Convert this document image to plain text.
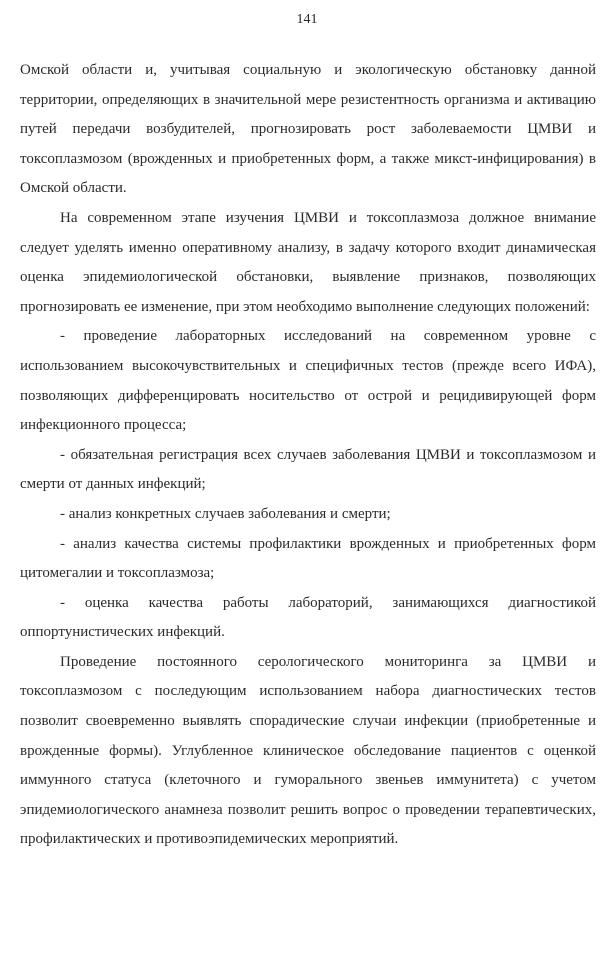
141

Омской области и, учитывая социальную и экологическую обстановку данной территории, определяющих в значительной мере резистентность организма и активацию путей передачи возбудителей, прогнозировать рост заболеваемости ЦМВИ и токсоплазмозом (врожденных и приобретенных форм, а также микст-инфицирования) в Омской области.

На современном этапе изучения ЦМВИ и токсоплазмоза должное внимание следует уделять именно оперативному анализу, в задачу которого входит динамическая оценка эпидемиологической обстановки, выявление признаков, позволяющих прогнозировать ее изменение, при этом необходимо выполнение следующих положений:

- проведение лабораторных исследований на современном уровне с использованием высокочувствительных и специфичных тестов (прежде всего ИФА), позволяющих дифференцировать носительство от острой и рецидивирующей форм инфекционного процесса;

- обязательная регистрация всех случаев заболевания ЦМВИ и токсоплазмозом и смерти от данных инфекций;

- анализ конкретных случаев заболевания и смерти;

- анализ качества системы профилактики врожденных и приобретенных форм цитомегалии и токсоплазмоза;

- оценка качества работы лабораторий, занимающихся диагностикой оппортунистических инфекций.

Проведение постоянного серологического мониторинга за ЦМВИ и токсоплазмозом с последующим использованием набора диагностических тестов позволит своевременно выявлять спорадические случаи инфекции (приобретенные и врожденные формы). Углубленное клиническое обследование пациентов с оценкой иммунного статуса (клеточного и гуморального звеньев иммунитета) с учетом эпидемиологического анамнеза позволит решить вопрос о проведении терапевтических, профилактических и противоэпидемических мероприятий.
